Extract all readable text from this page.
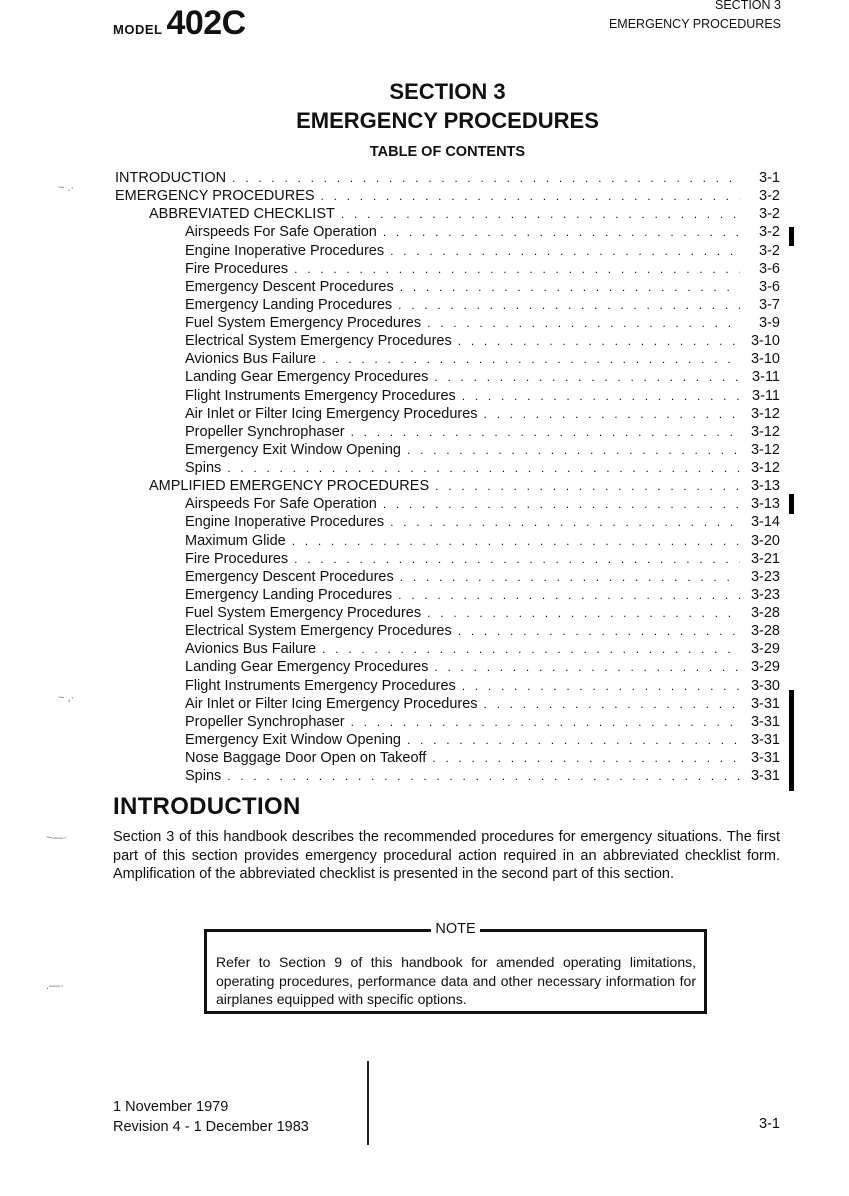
MODEL 402C	SECTION 3
EMERGENCY PROCEDURES
SECTION 3
EMERGENCY PROCEDURES
TABLE OF CONTENTS
INTRODUCTION . . .	3-1
EMERGENCY PROCEDURES . . .	3-2
ABBREVIATED CHECKLIST . . .	3-2
Airspeeds For Safe Operation . . .	3-2
Engine Inoperative Procedures . . .	3-2
Fire Procedures . . .	3-6
Emergency Descent Procedures . . .	3-6
Emergency Landing Procedures . . .	3-7
Fuel System Emergency Procedures . . .	3-9
Electrical System Emergency Procedures . . .	3-10
Avionics Bus Failure . . .	3-10
Landing Gear Emergency Procedures . . .	3-11
Flight Instruments Emergency Procedures . . .	3-11
Air Inlet or Filter Icing Emergency Procedures . . .	3-12
Propeller Synchrophaser . . .	3-12
Emergency Exit Window Opening . . .	3-12
Spins . . .	3-12
AMPLIFIED EMERGENCY PROCEDURES . . .	3-13
Airspeeds For Safe Operation . . .	3-13
Engine Inoperative Procedures . . .	3-14
Maximum Glide . . .	3-20
Fire Procedures . . .	3-21
Emergency Descent Procedures . . .	3-23
Emergency Landing Procedures . . .	3-23
Fuel System Emergency Procedures . . .	3-28
Electrical System Emergency Procedures . . .	3-28
Avionics Bus Failure . . .	3-29
Landing Gear Emergency Procedures . . .	3-29
Flight Instruments Emergency Procedures . . .	3-30
Air Inlet or Filter Icing Emergency Procedures . . .	3-31
Propeller Synchrophaser . . .	3-31
Emergency Exit Window Opening . . .	3-31
Nose Baggage Door Open on Takeoff . . .	3-31
Spins . . .	3-31
INTRODUCTION

Section 3 of this handbook describes the recommended procedures for emergency situations. The first part of this section provides emergency procedural action required in an abbreviated checklist form. Amplification of the abbreviated checklist is presented in the second part of this section.

NOTE

Refer to Section 9 of this handbook for amended operating limitations, operating procedures, performance data and other necessary information for airplanes equipped with specific options.

1 November 1979
Revision 4 - 1 December 1983	3-1
~ .·
~ ,·
~—·
.—·
